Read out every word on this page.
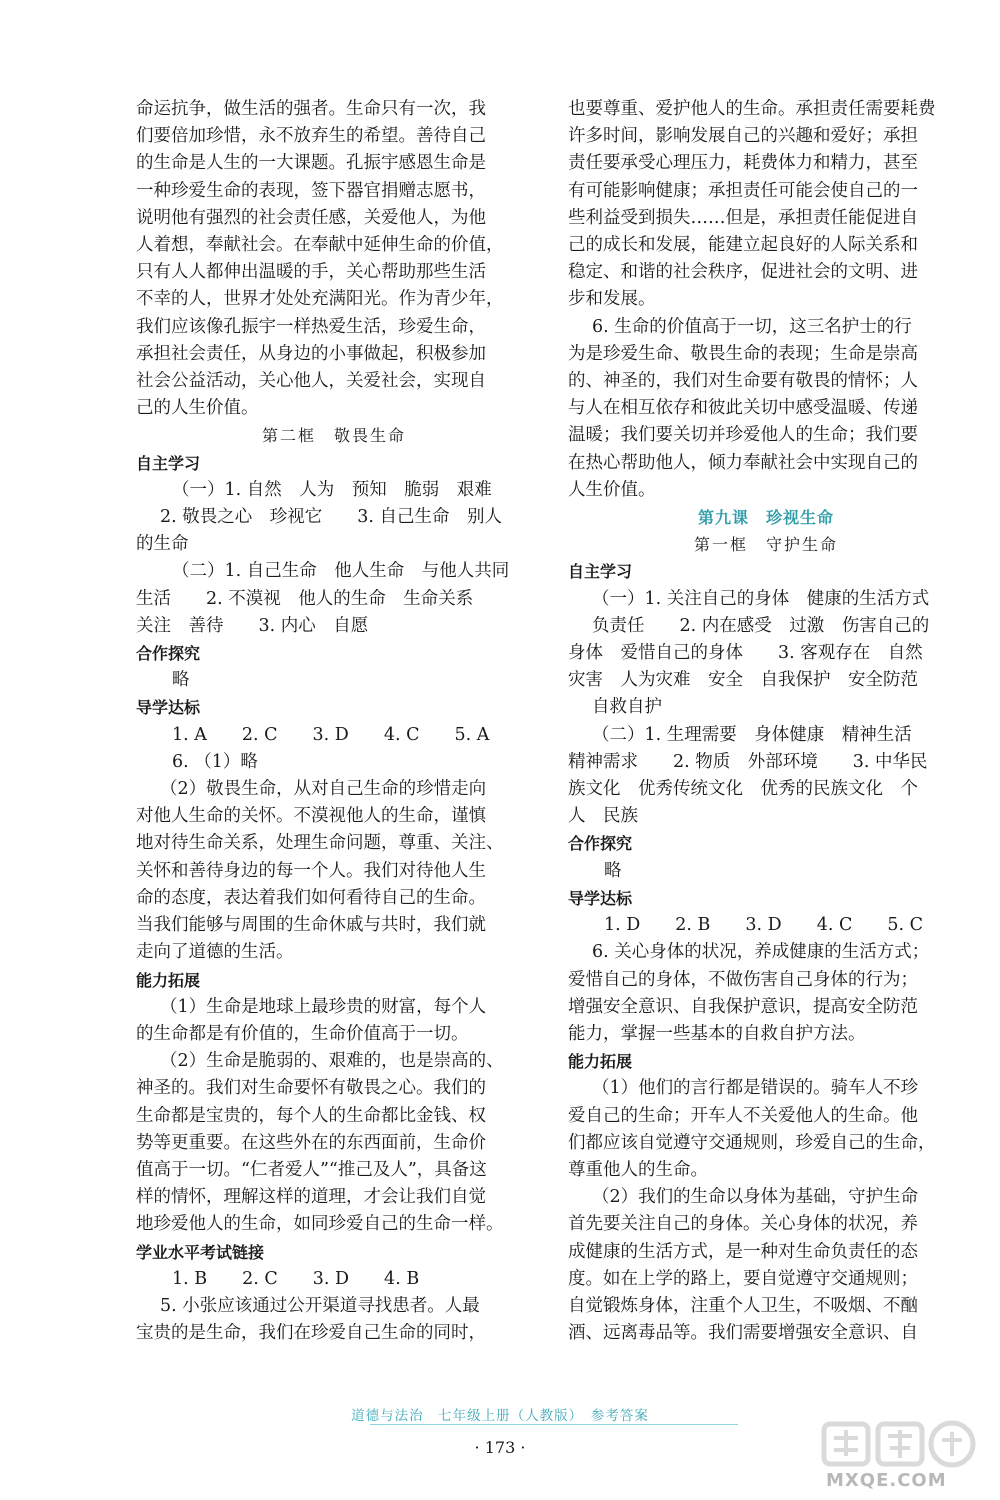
命运抗争，做生活的强者。生命只有一次，我
们要倍加珍惜，永不放弃生的希望。善待自己
的生命是人生的一大课题。孔振宇感恩生命是
一种珍爱生命的表现，签下器官捐赠志愿书，
说明他有强烈的社会责任感，关爱他人，为他
人着想，奉献社会。在奉献中延伸生命的价值，
只有人人都伸出温暖的手，关心帮助那些生活
不幸的人，世界才处处充满阳光。作为青少年，
我们应该像孔振宇一样热爱生活，珍爱生命，
承担社会责任，从身边的小事做起，积极参加
社会公益活动，关心他人，关爱社会，实现自
己的人生价值。
第二框　敬畏生命
自主学习
（一）1. 自然　人为　预知　脆弱　艰难
2. 敬畏之心　珍视它　　3. 自己生命　别人
的生命
（二）1. 自己生命　他人生命　与他人共同
生活　　2. 不漠视　他人的生命　生命关系
关注　善待　　3. 内心　自愿
合作探究
略
导学达标
1. A　　2. C　　3. D　　4. C　　5. A
6. （1）略
（2）敬畏生命，从对自己生命的珍惜走向
对他人生命的关怀。不漠视他人的生命，谨慎
地对待生命关系，处理生命问题，尊重、关注、
关怀和善待身边的每一个人。我们对待他人生
命的态度，表达着我们如何看待自己的生命。
当我们能够与周围的生命休戚与共时，我们就
走向了道德的生活。
能力拓展
（1）生命是地球上最珍贵的财富，每个人
的生命都是有价值的，生命价值高于一切。
（2）生命是脆弱的、艰难的，也是崇高的、
神圣的。我们对生命要怀有敬畏之心。我们的
生命都是宝贵的，每个人的生命都比金钱、权
势等更重要。在这些外在的东西面前，生命价
值高于一切。“仁者爱人”“推己及人”，具备这
样的情怀，理解这样的道理，才会让我们自觉
地珍爱他人的生命，如同珍爱自己的生命一样。
学业水平考试链接
1. B　　2. C　　3. D　　4. B
5. 小张应该通过公开渠道寻找患者。人最
宝贵的是生命，我们在珍爱自己生命的同时，
也要尊重、爱护他人的生命。承担责任需要耗费
许多时间，影响发展自己的兴趣和爱好；承担
责任要承受心理压力，耗费体力和精力，甚至
有可能影响健康；承担责任可能会使自己的一
些利益受到损失……但是，承担责任能促进自
己的成长和发展，能建立起良好的人际关系和
稳定、和谐的社会秩序，促进社会的文明、进
步和发展。
6. 生命的价值高于一切，这三名护士的行
为是珍爱生命、敬畏生命的表现；生命是崇高
的、神圣的，我们对生命要有敬畏的情怀；人
与人在相互依存和彼此关切中感受温暖、传递
温暖；我们要关切并珍爱他人的生命；我们要
在热心帮助他人，倾力奉献社会中实现自己的
人生价值。
第九课　珍视生命
第一框　守护生命
自主学习
（一）1. 关注自己的身体　健康的生活方式
负责任　　2. 内在感受　过激　伤害自己的
身体　爱惜自己的身体　　3. 客观存在　自然
灾害　人为灾难　安全　自我保护　安全防范
自救自护
（二）1. 生理需要　身体健康　精神生活
精神需求　　2. 物质　外部环境　　3. 中华民
族文化　优秀传统文化　优秀的民族文化　个
人　民族
合作探究
略
导学达标
1. D　　2. B　　3. D　　4. C　　5. C
6. 关心身体的状况，养成健康的生活方式；
爱惜自己的身体，不做伤害自己身体的行为；
增强安全意识、自我保护意识，提高安全防范
能力，掌握一些基本的自救自护方法。
能力拓展
（1）他们的言行都是错误的。骑车人不珍
爱自己的生命；开车人不关爱他人的生命。他
们都应该自觉遵守交通规则，珍爱自己的生命，
尊重他人的生命。
（2）我们的生命以身体为基础，守护生命
首先要关注自己的身体。关心身体的状况，养
成健康的生活方式，是一种对生命负责任的态
度。如在上学的路上，要自觉遵守交通规则；
自觉锻炼身体，注重个人卫生，不吸烟、不酗
酒、远离毒品等。我们需要增强安全意识、自
道德与法治　七年级上册（人教版）　参考答案
· 173 ·
MXQE.COM
